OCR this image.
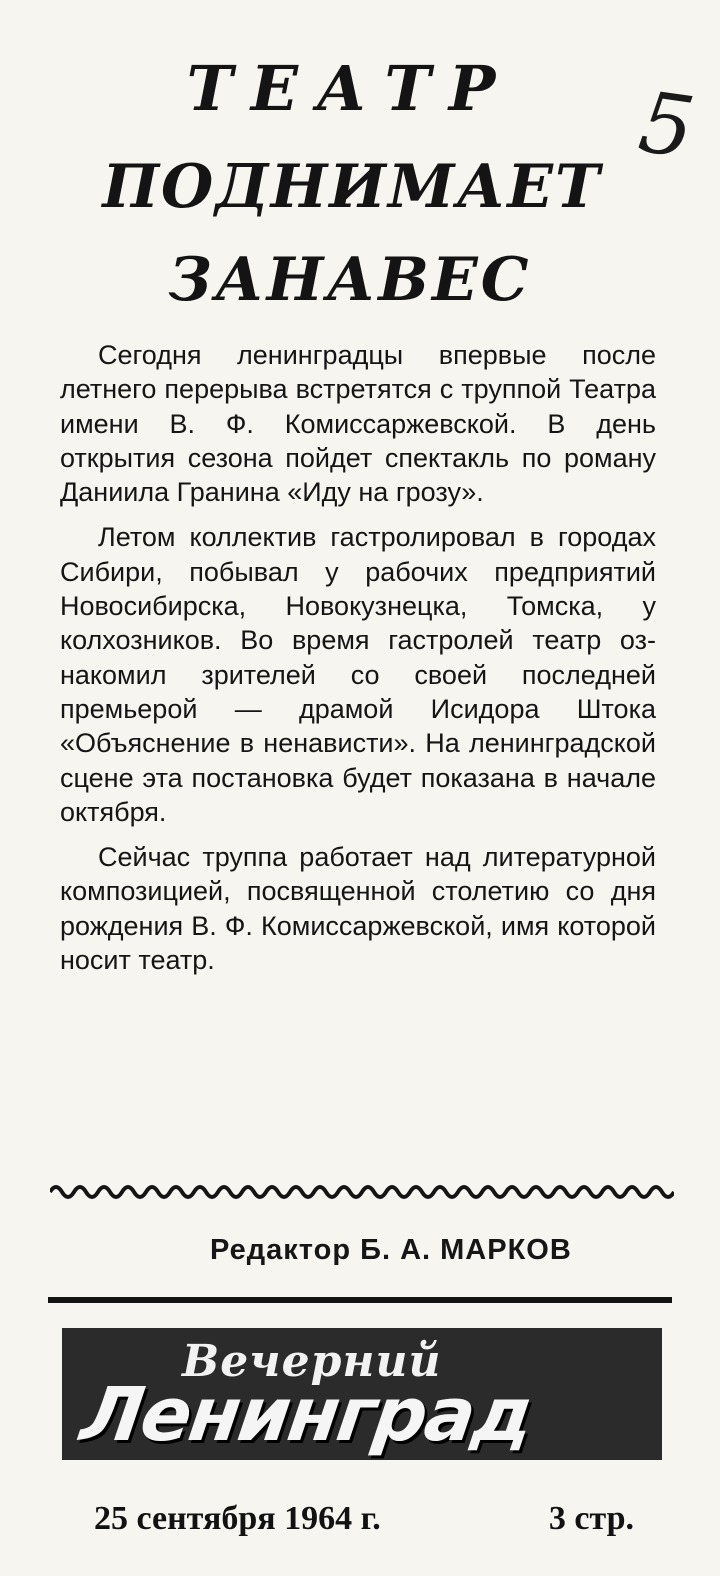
ТЕАТР
ПОДНИМАЕТ
ЗАНАВЕС
5

Сегодня ленинградцы впервые после летнего перерыва встретятся с труппой Театра имени В. Ф. Комиссаржевской. В день открытия сезона пойдет спектакль по роману Даниила Гранина «Иду на грозу».

Летом коллектив гастролировал в городах Сибири, побывал у рабочих предприятий Новосибирска, Новокузнецка, Томска, у колхозников. Во время гастролей театр ознакомил зрителей со своей последней премьерой — драмой Исидора Штока «Объяснение в ненависти». На ленинградской сцене эта постановка будет показана в начале октября.

Сейчас труппа работает над литературной композицией, посвященной столетию со дня рождения В. Ф. Комиссаржевской, имя которой носит театр.

Редактор Б. А. МАРКОВ
Вечерний
Ленинград
25 сентября 1964 г.	3 стр.
